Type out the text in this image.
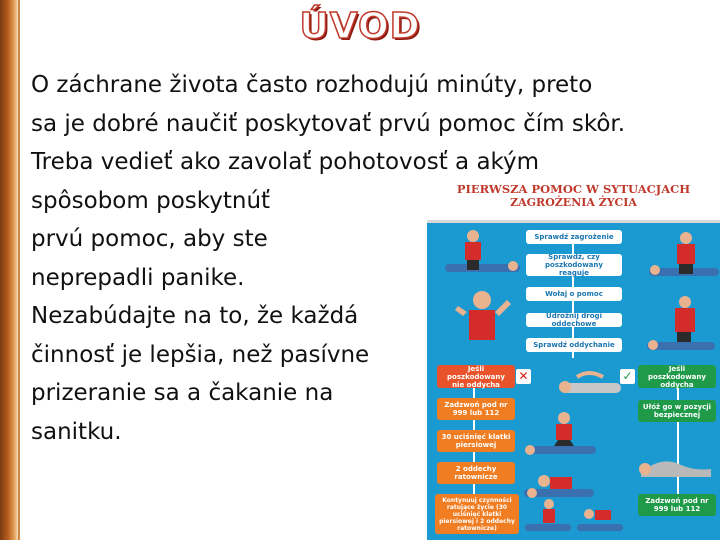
ÚVOD
O záchrane života často rozhodujú minúty, preto
sa je dobré naučiť poskytovať prvú pomoc čím skôr.
Treba vedieť ako zavolať pohotovosť a akým
spôsobom poskytnúť
prvú pomoc, aby ste
neprepadli panike.
Nezabúdajte na to, že každá
činnosť je lepšia, než pasívne
prizeranie sa a čakanie na
sanitku.
PIERWSZA POMOC W SYTUACJACH
ZAGROŻENIA ŻYCIA
Sprawdź zagrożenie
Sprawdź, czy poszkodowany reaguje
Wołaj o pomoc
Udrożnij drogi oddechowe
Sprawdź oddychanie
Jeśli poszkodowany nie oddycha
✕
Jeśli poszkodowany oddycha
✓
Zadzwoń pod nr 999 lub 112
30 uciśnięć klatki piersiowej
2 oddechy ratownicze
Kontynuuj czynności ratujące życie (30 uciśnięć klatki piersiowej i 2 oddechy ratownicze)
Ułóż go w pozycji bezpiecznej
Zadzwoń pod nr 999 lub 112
